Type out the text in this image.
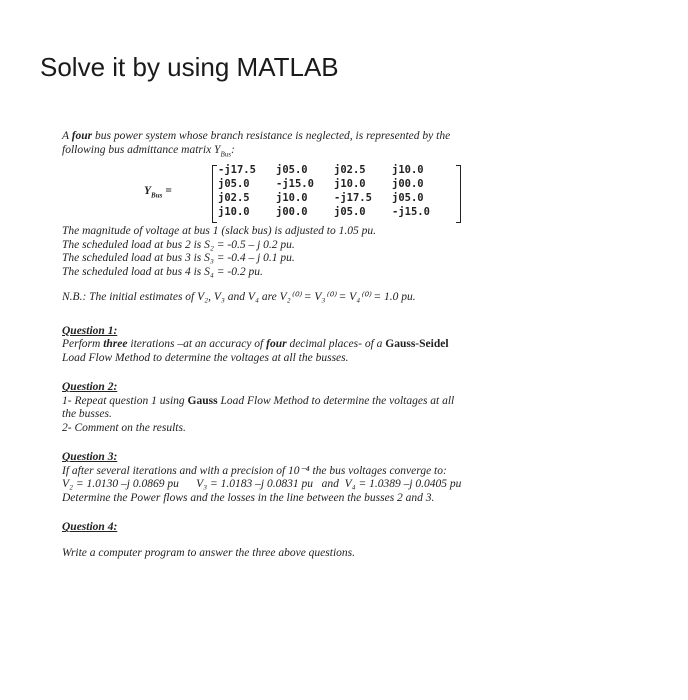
Solve it by using MATLAB

A four bus power system whose branch resistance is neglected, is represented by the

following bus admittance matrix $Y_{Bus}$:

$Y_{Bus}$ =
-j17.5	j05.0	j02.5	j10.0
j05.0	-j15.0	j10.0	j00.0
j02.5	j10.0	-j17.5	j05.0
j10.0	j00.0	j05.0	-j15.0

The magnitude of voltage at bus 1 (slack bus) is adjusted to 1.05 pu.

The scheduled load at bus 2 is S₂ = -0.5 – j 0.2 pu.

The scheduled load at bus 3 is S₃ = -0.4 – j 0.1 pu.

The scheduled load at bus 4 is S₄ = -0.2 pu.

N.B.: The initial estimates of V₂, V₃ and V₄ are V₂⁽⁰⁾ = V₃⁽⁰⁾ = V₄⁽⁰⁾ = 1.0 pu.

Question 1:

Perform three iterations –at an accuracy of four decimal places- of a Gauss-Seidel

Load Flow Method to determine the voltages at all the busses.

Question 2:

1- Repeat question 1 using Gauss Load Flow Method to determine the voltages at all

the busses.

2- Comment on the results.

Question 3:

If after several iterations and with a precision of 10⁻⁴ the bus voltages converge to:

V₂ = 1.0130 –j 0.0869 pu      V₃ = 1.0183 –j 0.0831 pu   and  V₄ = 1.0389 –j 0.0405 pu

Determine the Power flows and the losses in the line between the busses 2 and 3.

Question 4:

Write a computer program to answer the three above questions.
